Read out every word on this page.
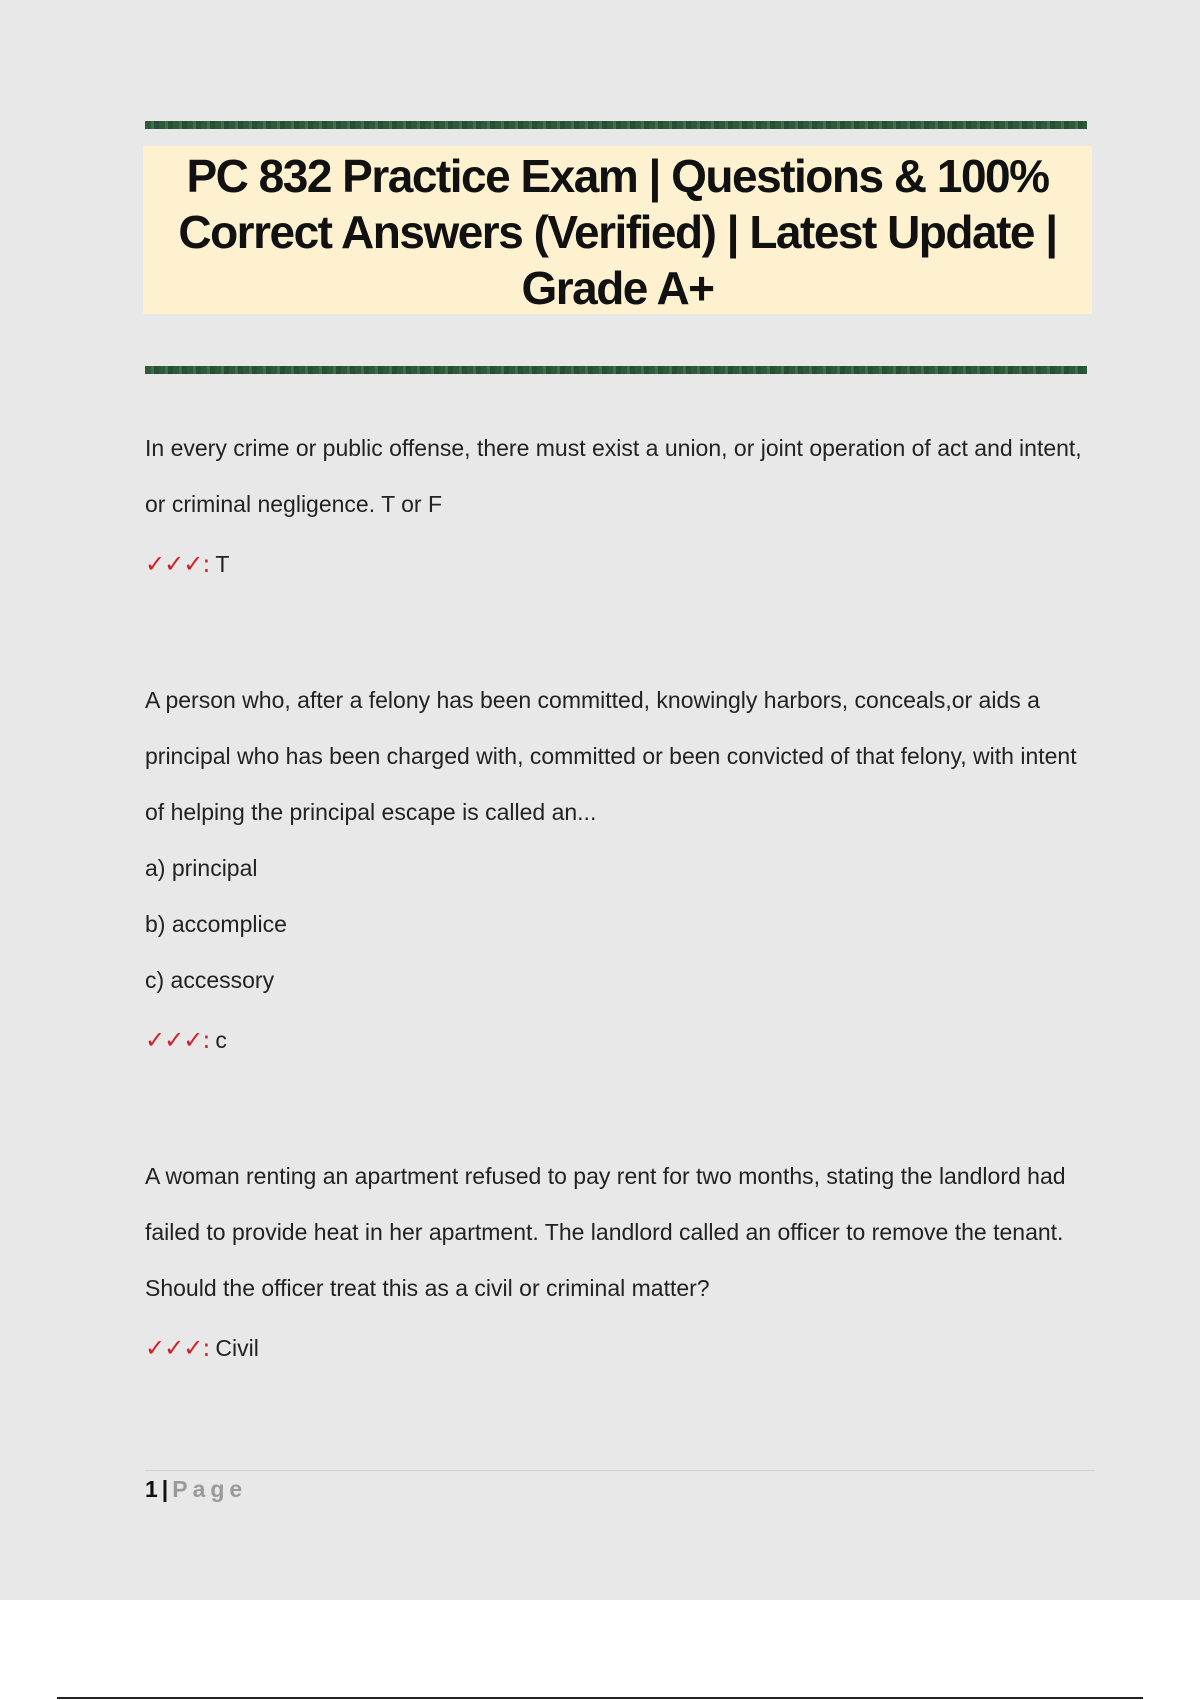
PC 832 Practice Exam | Questions & 100% Correct Answers (Verified) | Latest Update | Grade A+

In every crime or public offense, there must exist a union, or joint operation of act and intent, or criminal negligence. T or F

✓✓✓: T

A person who, after a felony has been committed, knowingly harbors, conceals,or aids a principal who has been charged with, committed or been convicted of that felony, with intent of helping the principal escape is called an...

a) principal

b) accomplice

c) accessory

✓✓✓: c

A woman renting an apartment refused to pay rent for two months, stating the landlord had failed to provide heat in her apartment. The landlord called an officer to remove the tenant. Should the officer treat this as a civil or criminal matter?

✓✓✓: Civil

1 | Page
